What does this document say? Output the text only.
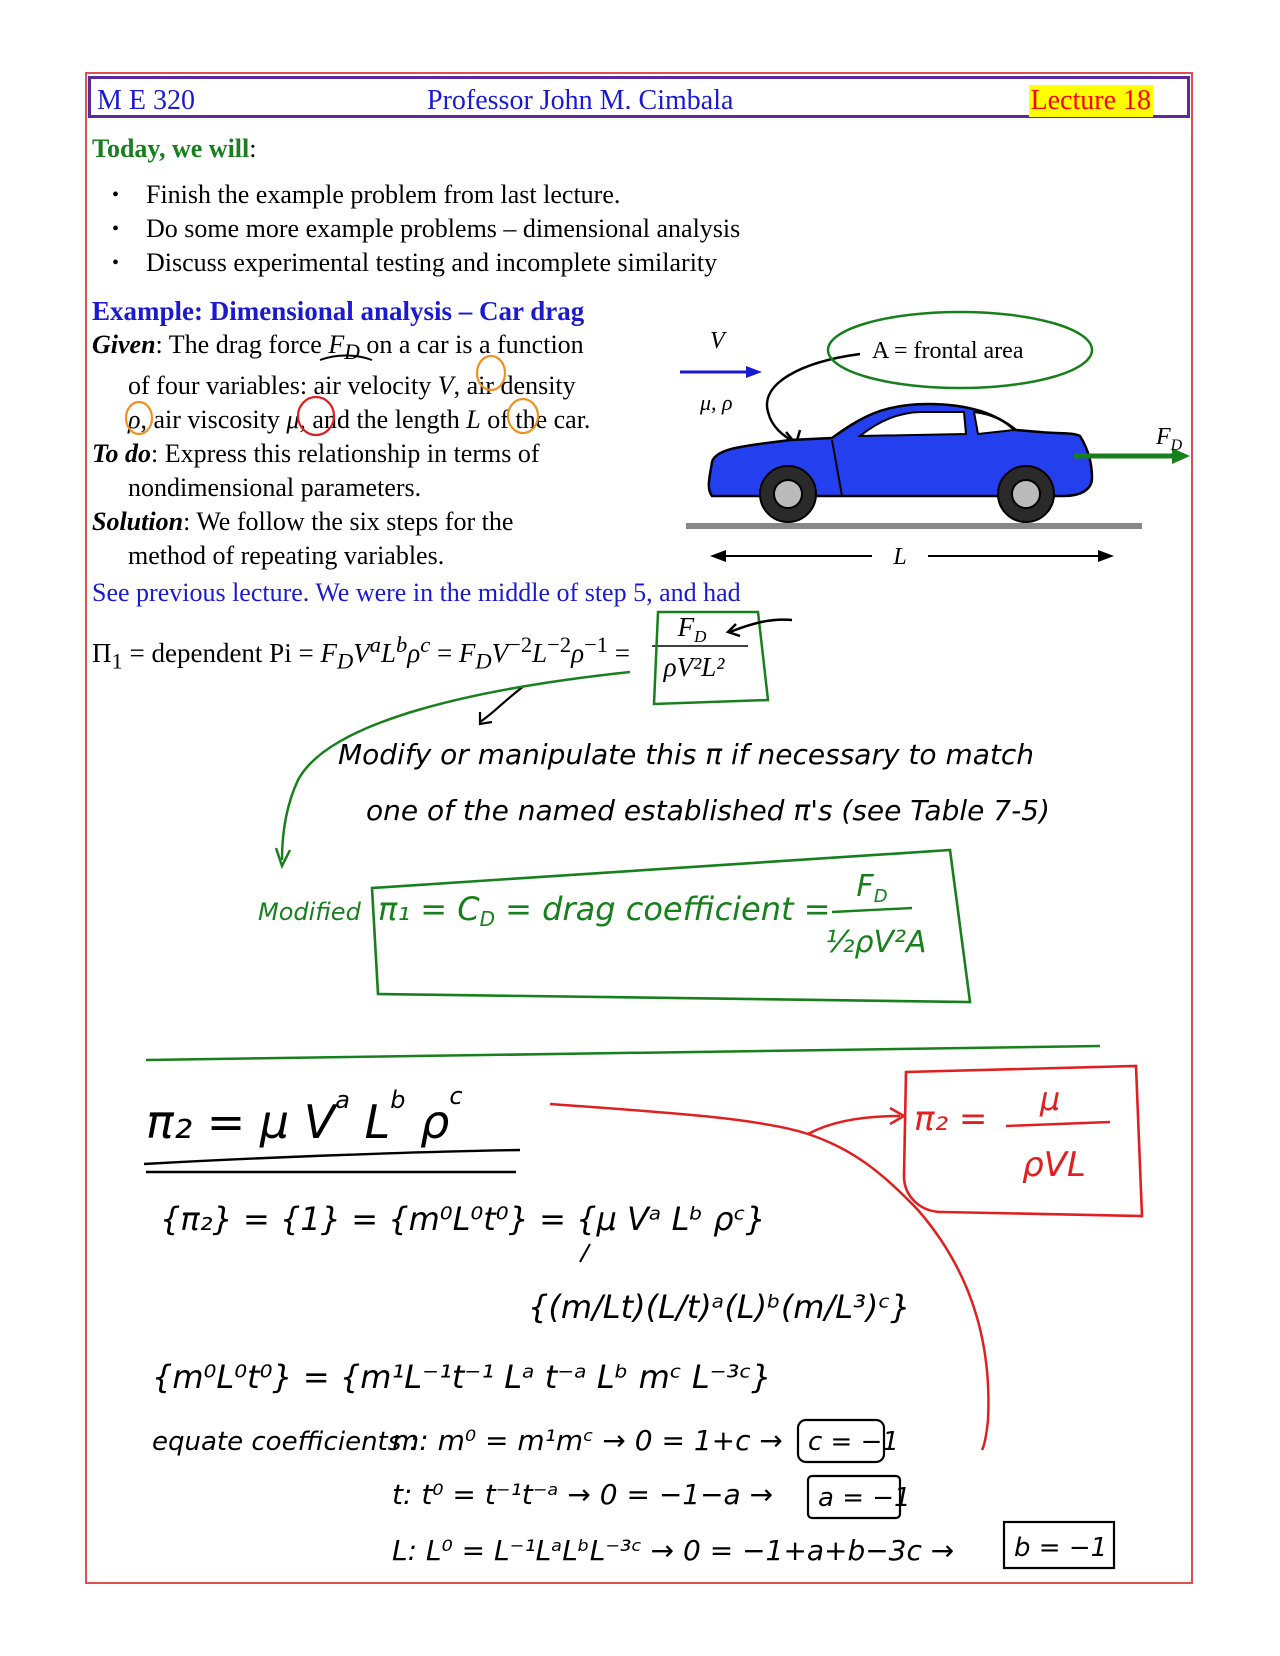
M E 320	Professor John M. Cimbala	Lecture 18
Today, we will:
• Finish the example problem from last lecture.
• Do some more example problems – dimensional analysis
• Discuss experimental testing and incomplete similarity
Example: Dimensional analysis – Car drag

Given: The drag force $F_D$ on a car is a function

of four variables: air velocity V, air density

ρ, air viscosity μ, and the length L of the car.

To do: Express this relationship in terms of

nondimensional parameters.

Solution: We follow the six steps for the

method of repeating variables.

See previous lecture. We were in the middle of step 5, and had
$\Pi_1$ = dependent $Pi = F_DV^aL^b\rho^c = F_DV^{-2}L^{-2}\rho^{-1}$ =
$F_D$
ρV²L²
V
μ, ρ
A = frontal area
$F_D$
L
Modify or manipulate this π if necessary to match
one of the named established π's (see Table 7-5)
Modified π₁ = CD = drag coefficient =
$F_D$
½ρV²A
π₂ = μ $V^a$ $L^b$ $\rho^c$
{π₂} = {1} = {m⁰L⁰t⁰} = {μ Vᵃ Lᵇ ρᶜ}
{(m/Lt)(L/t)ᵃ(L)ᵇ(m/L³)ᶜ}
{m⁰L⁰t⁰} = {m¹L⁻¹t⁻¹ Lᵃ t⁻ᵃ Lᵇ mᶜ L⁻³ᶜ}
equate coefficients :
m: m⁰ = m¹mᶜ → 0 = 1+c →
t: t⁰ = t⁻¹t⁻ᵃ → 0 = −1−a →
L: L⁰ = L⁻¹LᵃLᵇL⁻³ᶜ → 0 = −1+a+b−3c →
c = −1
a = −1
b = −1
π₂ = μ
ρVL
